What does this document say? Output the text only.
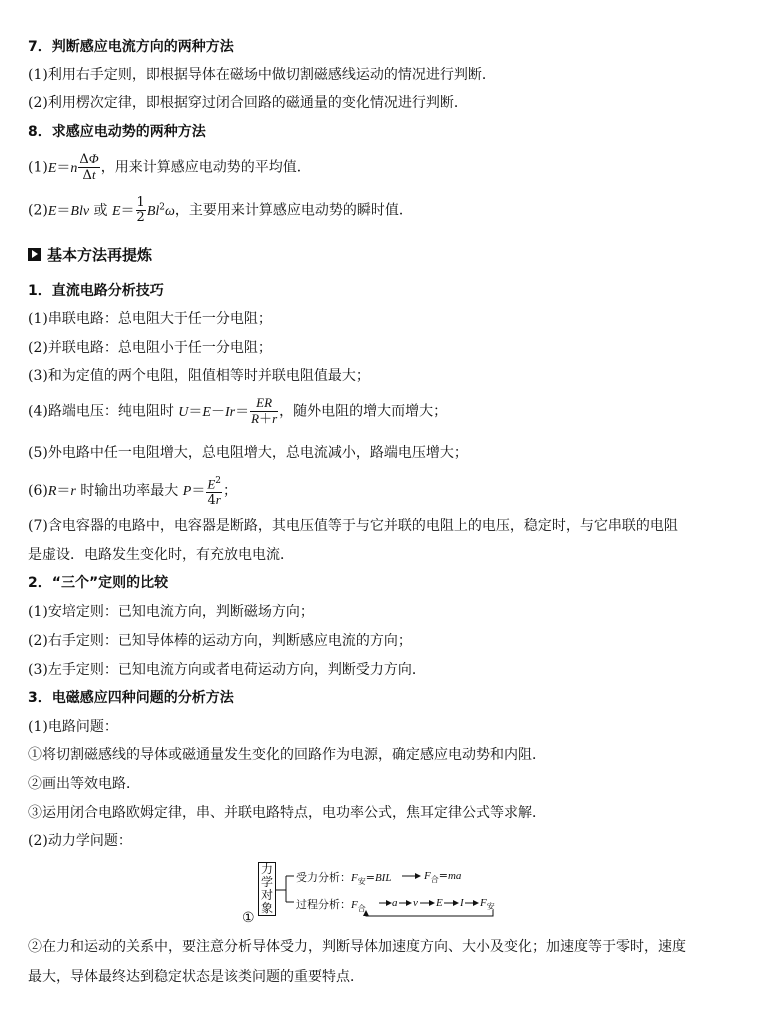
7．判断感应电流方向的两种方法
(1)利用右手定则，即根据导体在磁场中做切割磁感线运动的情况进行判断．
(2)利用楞次定律，即根据穿过闭合回路的磁通量的变化情况进行判断．
8．求感应电动势的两种方法
$(1)E=n \frac{\Delta\Phi}{\Delta t}$ ，用来计算感应电动势的平均值．
(2)E＝Blv 或 $E= \frac{1}{2} Bl^2\omega$，主要用来计算感应电动势的瞬时值．
基本方法再提炼
1．直流电路分析技巧
(1)串联电路：总电阻大于任一分电阻；
(2)并联电路：总电阻小于任一分电阻；
(3)和为定值的两个电阻，阻值相等时并联电阻值最大；
(4)路端电压：纯电阻时 $U=E-Ir= \frac{ER}{R+r}$ ，随外电阻的增大而增大；
(5)外电路中任一电阻增大，总电阻增大，总电流减小，路端电压增大；
(6)R＝r 时输出功率最大 $P= \frac{E^2}{4r}$ ；
(7)含电容器的电路中，电容器是断路，其电压值等于与它并联的电阻上的电压，稳定时，与它串联的电阻
是虚设．电路发生变化时，有充放电电流．
2．“三个”定则的比较
(1)安培定则：已知电流方向，判断磁场方向；
(2)右手定则：已知导体棒的运动方向，判断感应电流的方向；
(3)左手定则：已知电流方向或者电荷运动方向，判断受力方向．
3．电磁感应四种问题的分析方法
(1)电路问题：
①将切割磁感线的导体或磁通量发生变化的回路作为电源，确定感应电动势和内阻．
②画出等效电路．
③运用闭合电路欧姆定律，串、并联电路特点，电功率公式，焦耳定律公式等求解．
(2)动力学问题：
力
学
对
象
受力分析：$F_安=BIL$	$F_合=ma$
过程分析：$F_合$ a v E I $F_安$
①
②在力和运动的关系中，要注意分析导体受力，判断导体加速度方向、大小及变化；加速度等于零时，速度
最大，导体最终达到稳定状态是该类问题的重要特点．
